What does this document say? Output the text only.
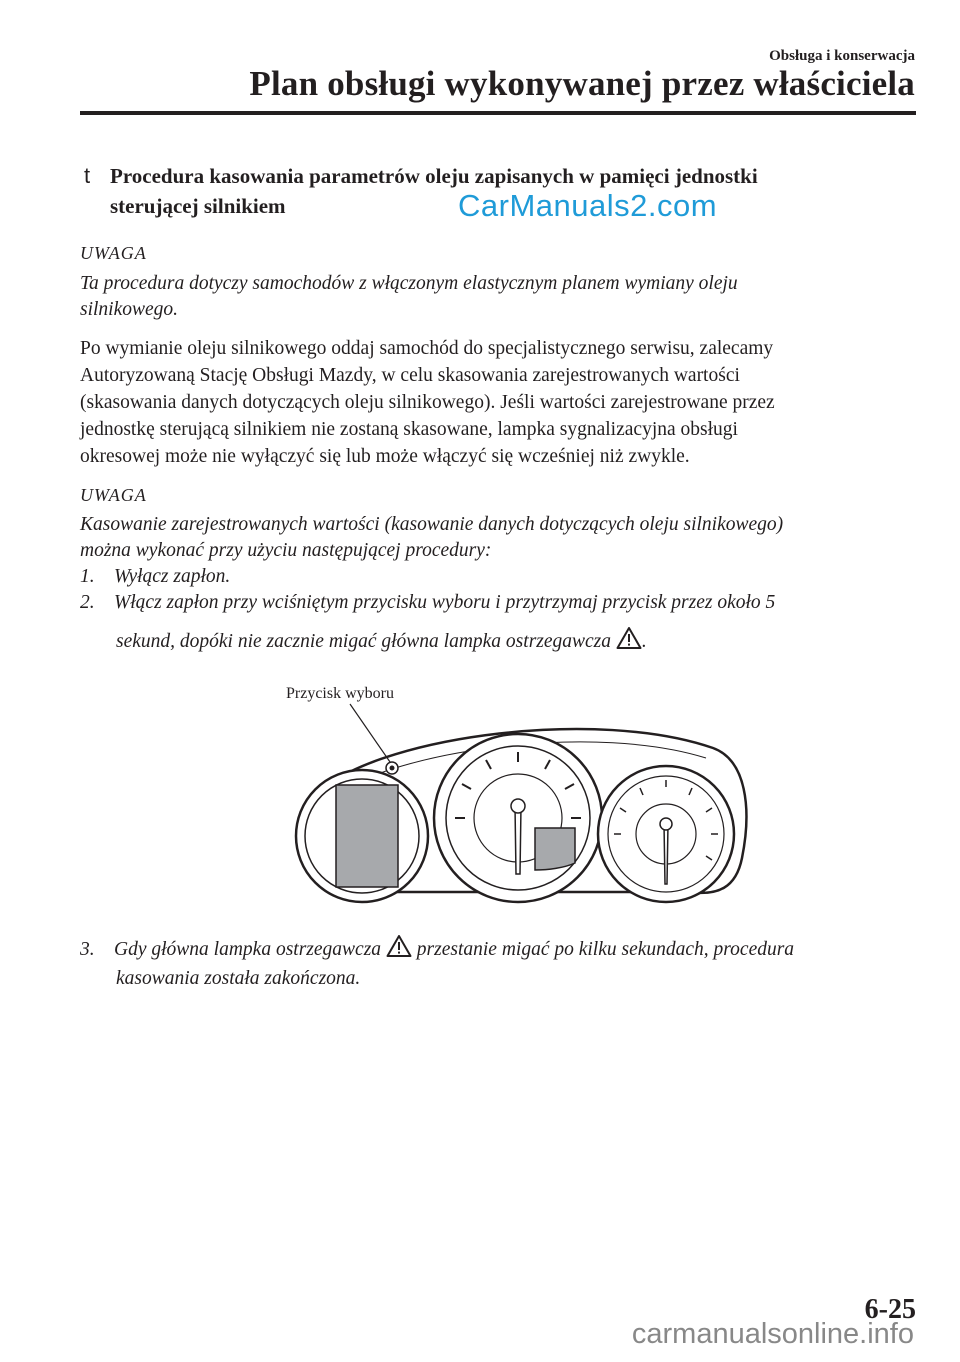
Obsługa i konserwacja
Plan obsługi wykonywanej przez właściciela
t Procedura kasowania parametrów oleju zapisanych w pamięci jednostki
sterującej silnikiem	CarManuals2.com
UWAGA
Ta procedura dotyczy samochodów z włączonym elastycznym planem wymiany oleju
silnikowego.
Po wymianie oleju silnikowego oddaj samochód do specjalistycznego serwisu, zalecamy
Autoryzowaną Stację Obsługi Mazdy, w celu skasowania zarejestrowanych wartości
(skasowania danych dotyczących oleju silnikowego). Jeśli wartości zarejestrowane przez
jednostkę sterującą silnikiem nie zostaną skasowane, lampka sygnalizacyjna obsługi
okresowej może nie wyłączyć się lub może włączyć się wcześniej niż zwykle.
UWAGA
Kasowanie zarejestrowanych wartości (kasowanie danych dotyczących oleju silnikowego)
można wykonać przy użyciu następującej procedury:
1. Wyłącz zapłon.
2. Włącz zapłon przy wciśniętym przycisku wyboru i przytrzymaj przycisk przez około 5
sekund, dopóki nie zacznie migać główna lampka ostrzegawcza .
Przycisk wyboru
3. Gdy główna lampka ostrzegawcza przestanie migać po kilku sekundach, procedura
kasowania została zakończona.
6-25
carmanualsonline.info
